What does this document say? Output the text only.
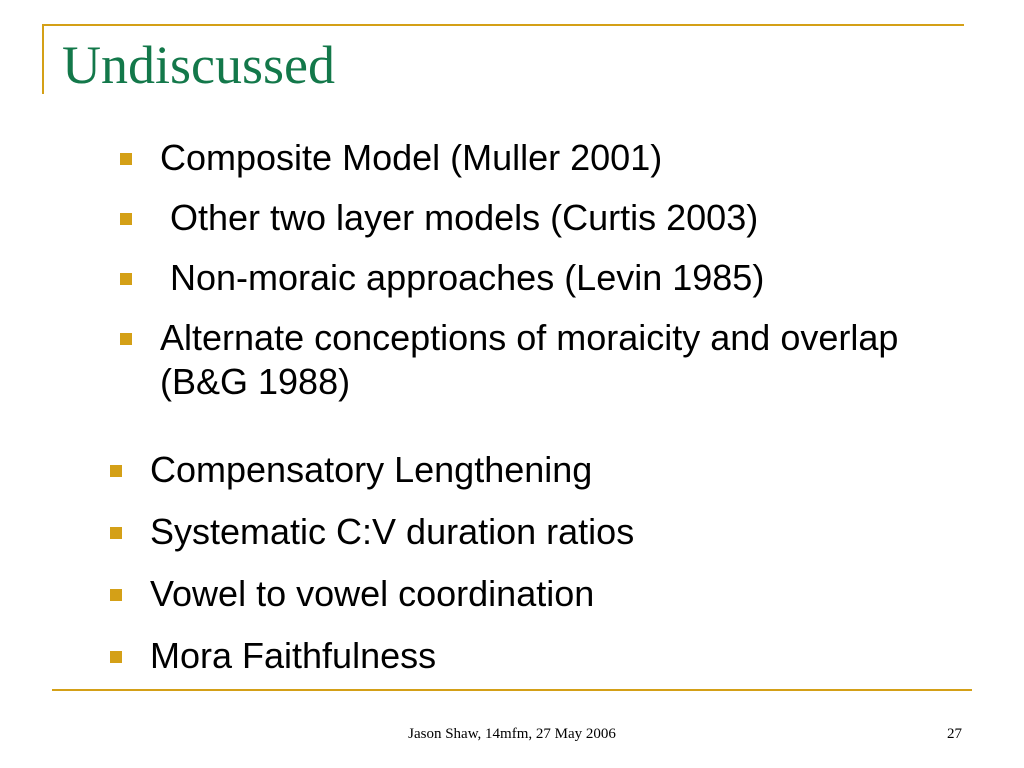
Undiscussed
Composite Model (Muller 2001)
Other two layer models (Curtis 2003)
Non-moraic approaches (Levin 1985)
Alternate conceptions of moraicity and overlap (B&G 1988)
Compensatory Lengthening
Systematic C:V duration ratios
Vowel to vowel coordination
Mora Faithfulness
Jason Shaw, 14mfm, 27 May 2006	27
